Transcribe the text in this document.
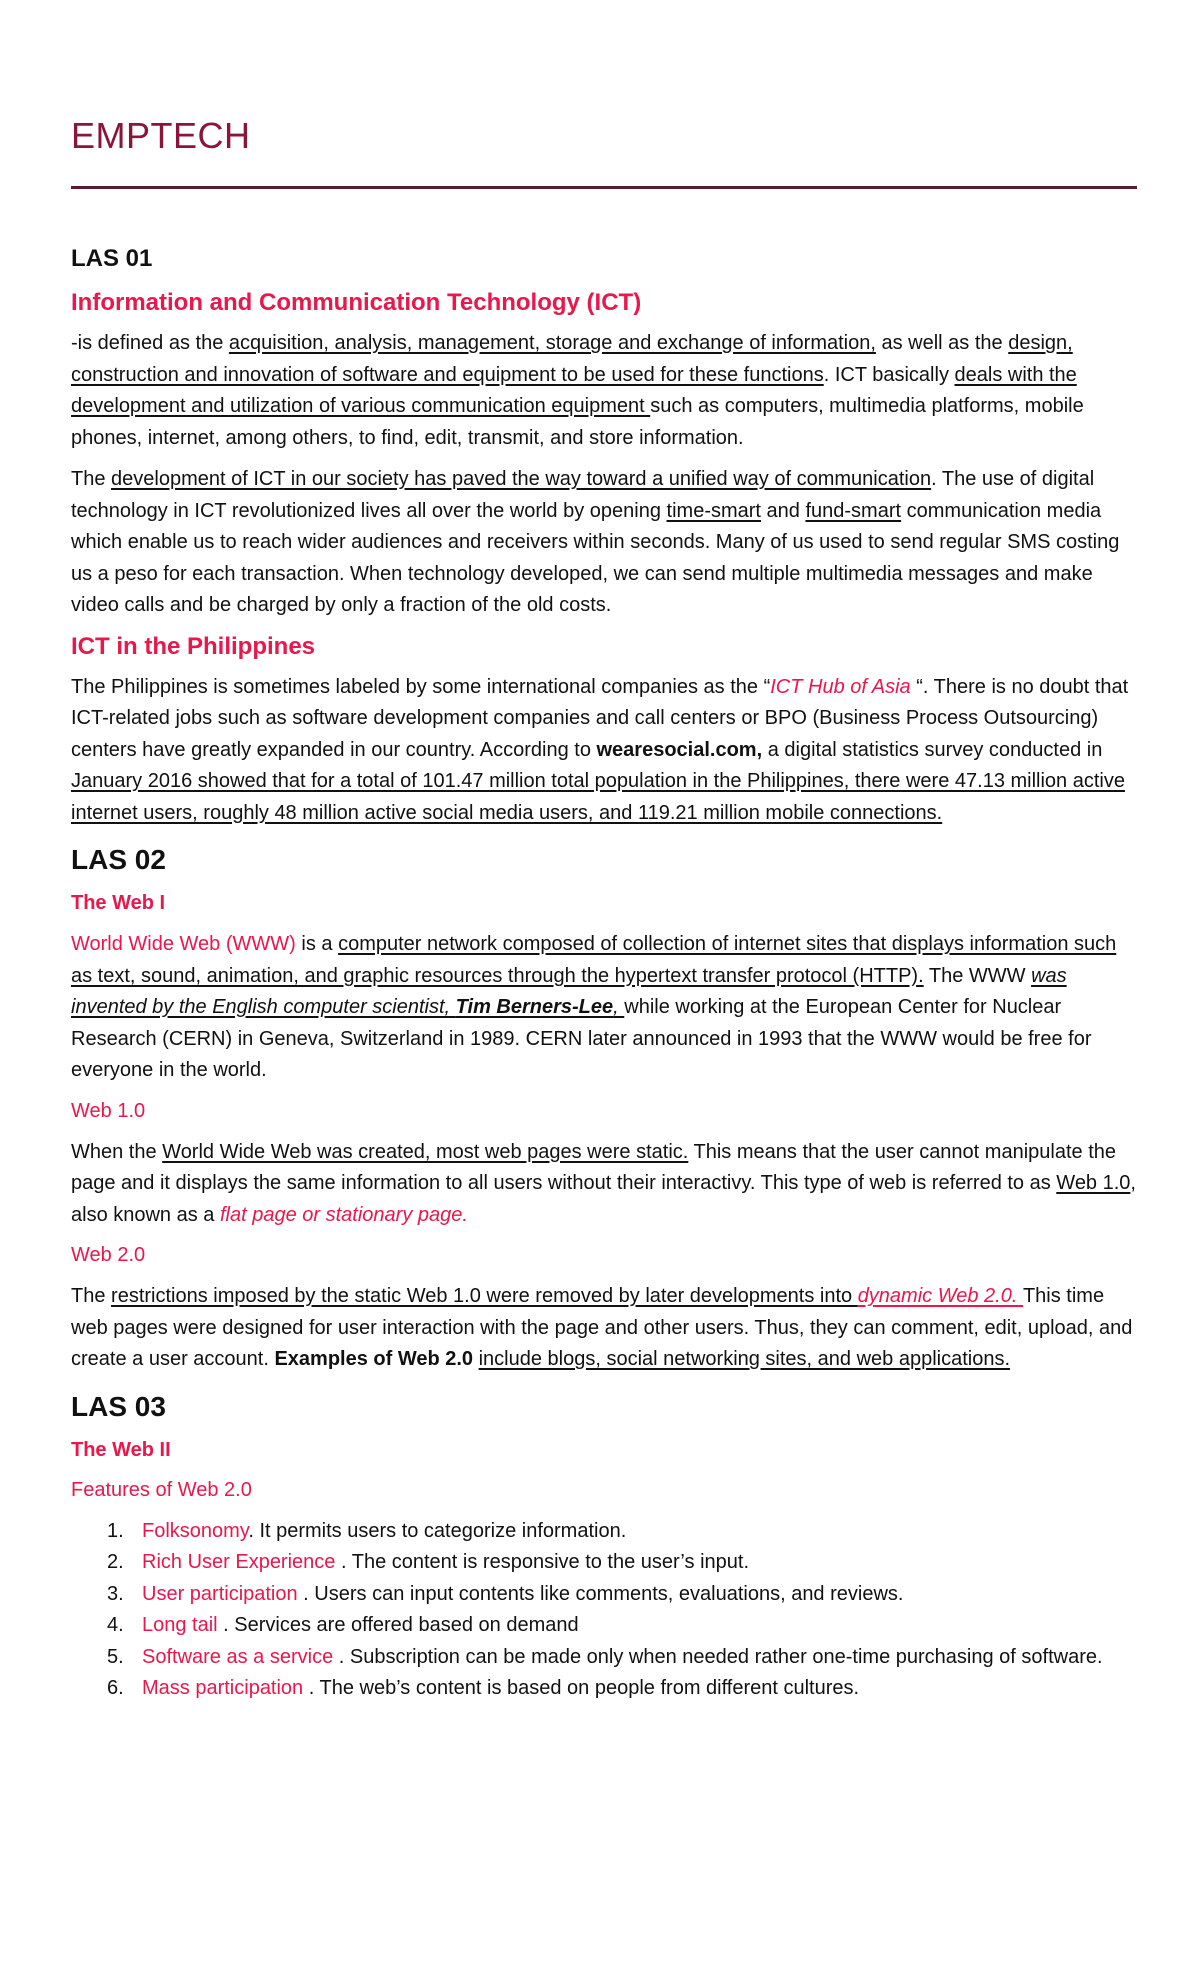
EMPTECH
LAS 01
Information and Communication Technology (ICT)

-is defined as the acquisition, analysis, management, storage and exchange of information, as well as the design, construction and innovation of software and equipment to be used for these functions. ICT basically deals with the development and utilization of various communication equipment such as computers, multimedia platforms, mobile phones, internet, among others, to find, edit, transmit, and store information.

The development of ICT in our society has paved the way toward a unified way of communication. The use of digital technology in ICT revolutionized lives all over the world by opening time-smart and fund-smart communication media which enable us to reach wider audiences and receivers within seconds. Many of us used to send regular SMS costing us a peso for each transaction. When technology developed, we can send multiple multimedia messages and make video calls and be charged by only a fraction of the old costs.

ICT in the Philippines

The Philippines is sometimes labeled by some international companies as the “ICT Hub of Asia “. There is no doubt that ICT-related jobs such as software development companies and call centers or BPO (Business Process Outsourcing) centers have greatly expanded in our country. According to wearesocial.com, a digital statistics survey conducted in January 2016 showed that for a total of 101.47 million total population in the Philippines, there were 47.13 million active internet users, roughly 48 million active social media users, and 119.21 million mobile connections.

LAS 02
The Web I

World Wide Web (WWW) is a computer network composed of collection of internet sites that displays information such as text, sound, animation, and graphic resources through the hypertext transfer protocol (HTTP). The WWW was invented by the English computer scientist, Tim Berners-Lee, while working at the European Center for Nuclear Research (CERN) in Geneva, Switzerland in 1989. CERN later announced in 1993 that the WWW would be free for everyone in the world.

Web 1.0

When the World Wide Web was created, most web pages were static. This means that the user cannot manipulate the page and it displays the same information to all users without their interactivy. This type of web is referred to as Web 1.0, also known as a flat page or stationary page.

Web 2.0

The restrictions imposed by the static Web 1.0 were removed by later developments into dynamic Web 2.0. This time web pages were designed for user interaction with the page and other users. Thus, they can comment, edit, upload, and create a user account. Examples of Web 2.0 include blogs, social networking sites, and web applications.

LAS 03
The Web II
Features of Web 2.0
1. Folksonomy. It permits users to categorize information.
2. Rich User Experience . The content is responsive to the user’s input.
3. User participation . Users can input contents like comments, evaluations, and reviews.
4. Long tail . Services are offered based on demand
5. Software as a service . Subscription can be made only when needed rather one-time purchasing of software.
6. Mass participation . The web’s content is based on people from different cultures.
